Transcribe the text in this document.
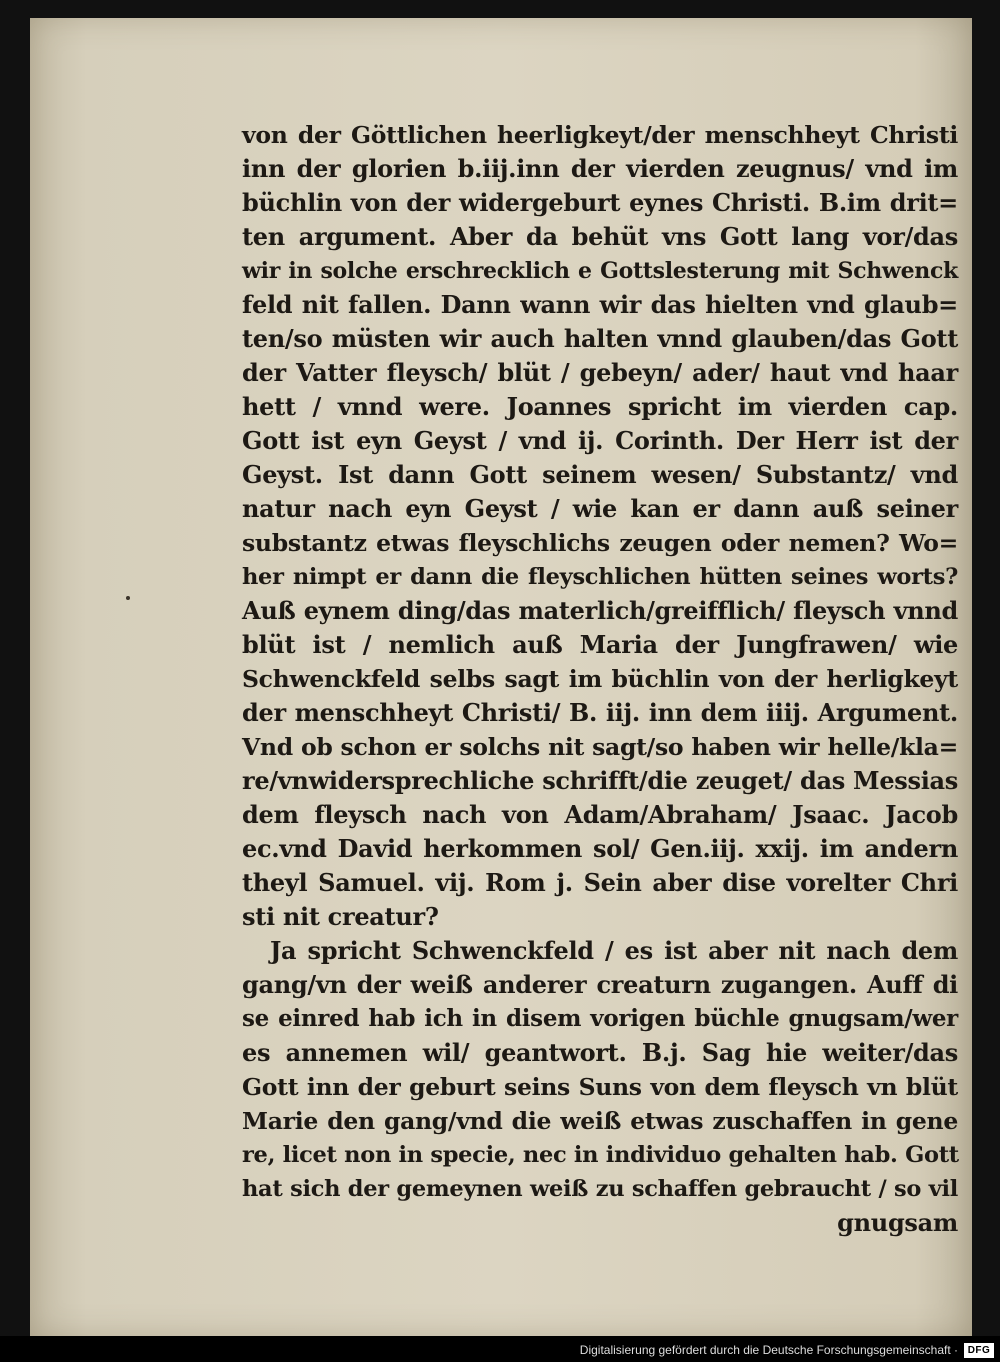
von der Göttlichen heerligkeyt/der menschheyt Christi
inn der glorien b.iij.inn der vierden zeugnus/ vnd im
büchlin von der widergeburt eynes Christi. B.im drit=
ten argument. Aber da behüt vns Gott lang vor/das
wir in solche erschrecklich e Gottslesterung mit Schwenck
feld nit fallen. Dann wann wir das hielten vnd glaub=
ten/so müsten wir auch halten vnnd glauben/das Gott
der Vatter fleysch/ blüt / gebeyn/ ader/ haut vnd haar
hett / vnnd were. Joannes spricht im vierden cap.
Gott ist eyn Geyst / vnd ij. Corinth. Der Herr ist der
Geyst. Ist dann Gott seinem wesen/ Substantz/ vnd
natur nach eyn Geyst / wie kan er dann auß seiner
substantz etwas fleyschlichs zeugen oder nemen? Wo=
her nimpt er dann die fleyschlichen hütten seines worts?
Auß eynem ding/das materlich/greifflich/ fleysch vnnd
blüt ist / nemlich auß Maria der Jungfrawen/ wie
Schwenckfeld selbs sagt im büchlin von der herligkeyt
der menschheyt Christi/ B. iij. inn dem iiij. Argument.
Vnd ob schon er solchs nit sagt/so haben wir helle/kla=
re/vnwidersprechliche schrifft/die zeuget/ das Messias
dem fleysch nach von Adam/Abraham/ Jsaac. Jacob
ec.vnd David herkommen sol/ Gen.iij. xxij. im andern
theyl Samuel. vij. Rom j. Sein aber dise vorelter Chri
sti nit creatur?
Ja spricht Schwenckfeld / es ist aber nit nach dem
gang/vn der weiß anderer creaturn zugangen. Auff di
se einred hab ich in disem vorigen büchle gnugsam/wer
es annemen wil/ geantwort. B.j. Sag hie weiter/das
Gott inn der geburt seins Suns von dem fleysch vn blüt
Marie den gang/vnd die weiß etwas zuschaffen in gene
re, licet non in specie, nec in individuo gehalten hab. Gott
hat sich der gemeynen weiß zu schaffen gebraucht / so vil
gnugsam
Digitalisierung gefördert durch die Deutsche Forschungsgemeinschaft · DFG
